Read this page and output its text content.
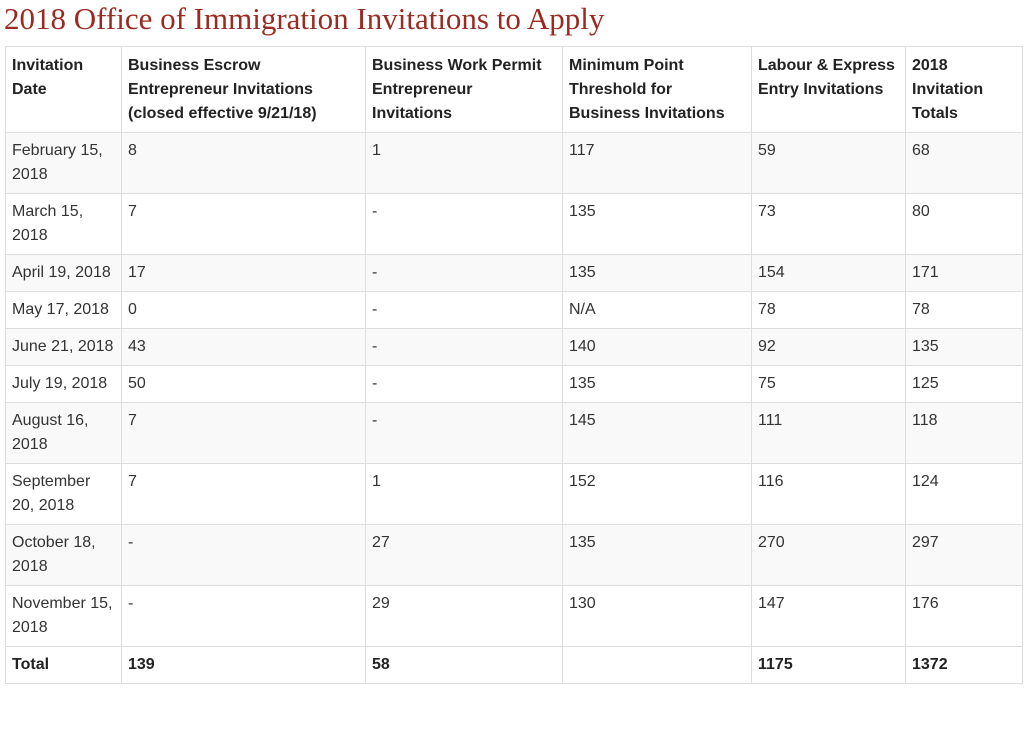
2018 Office of Immigration Invitations to Apply
Invitation Date	Business Escrow Entrepreneur Invitations (closed effective 9/21/18)	Business Work Permit Entrepreneur Invitations	Minimum Point Threshold for Business Invitations	Labour & Express Entry Invitations	2018 Invitation Totals
February 15, 2018	8	1	117	59	68
March 15, 2018	7	-	135	73	80
April 19, 2018	17	-	135	154	171
May 17, 2018	0	-	N/A	78	78
June 21, 2018	43	-	140	92	135
July 19, 2018	50	-	135	75	125
August 16, 2018	7	-	145	111	118
September 20, 2018	7	1	152	116	124
October 18, 2018	-	27	135	270	297
November 15, 2018	-	29	130	147	176
Total	139	58		1175	1372
